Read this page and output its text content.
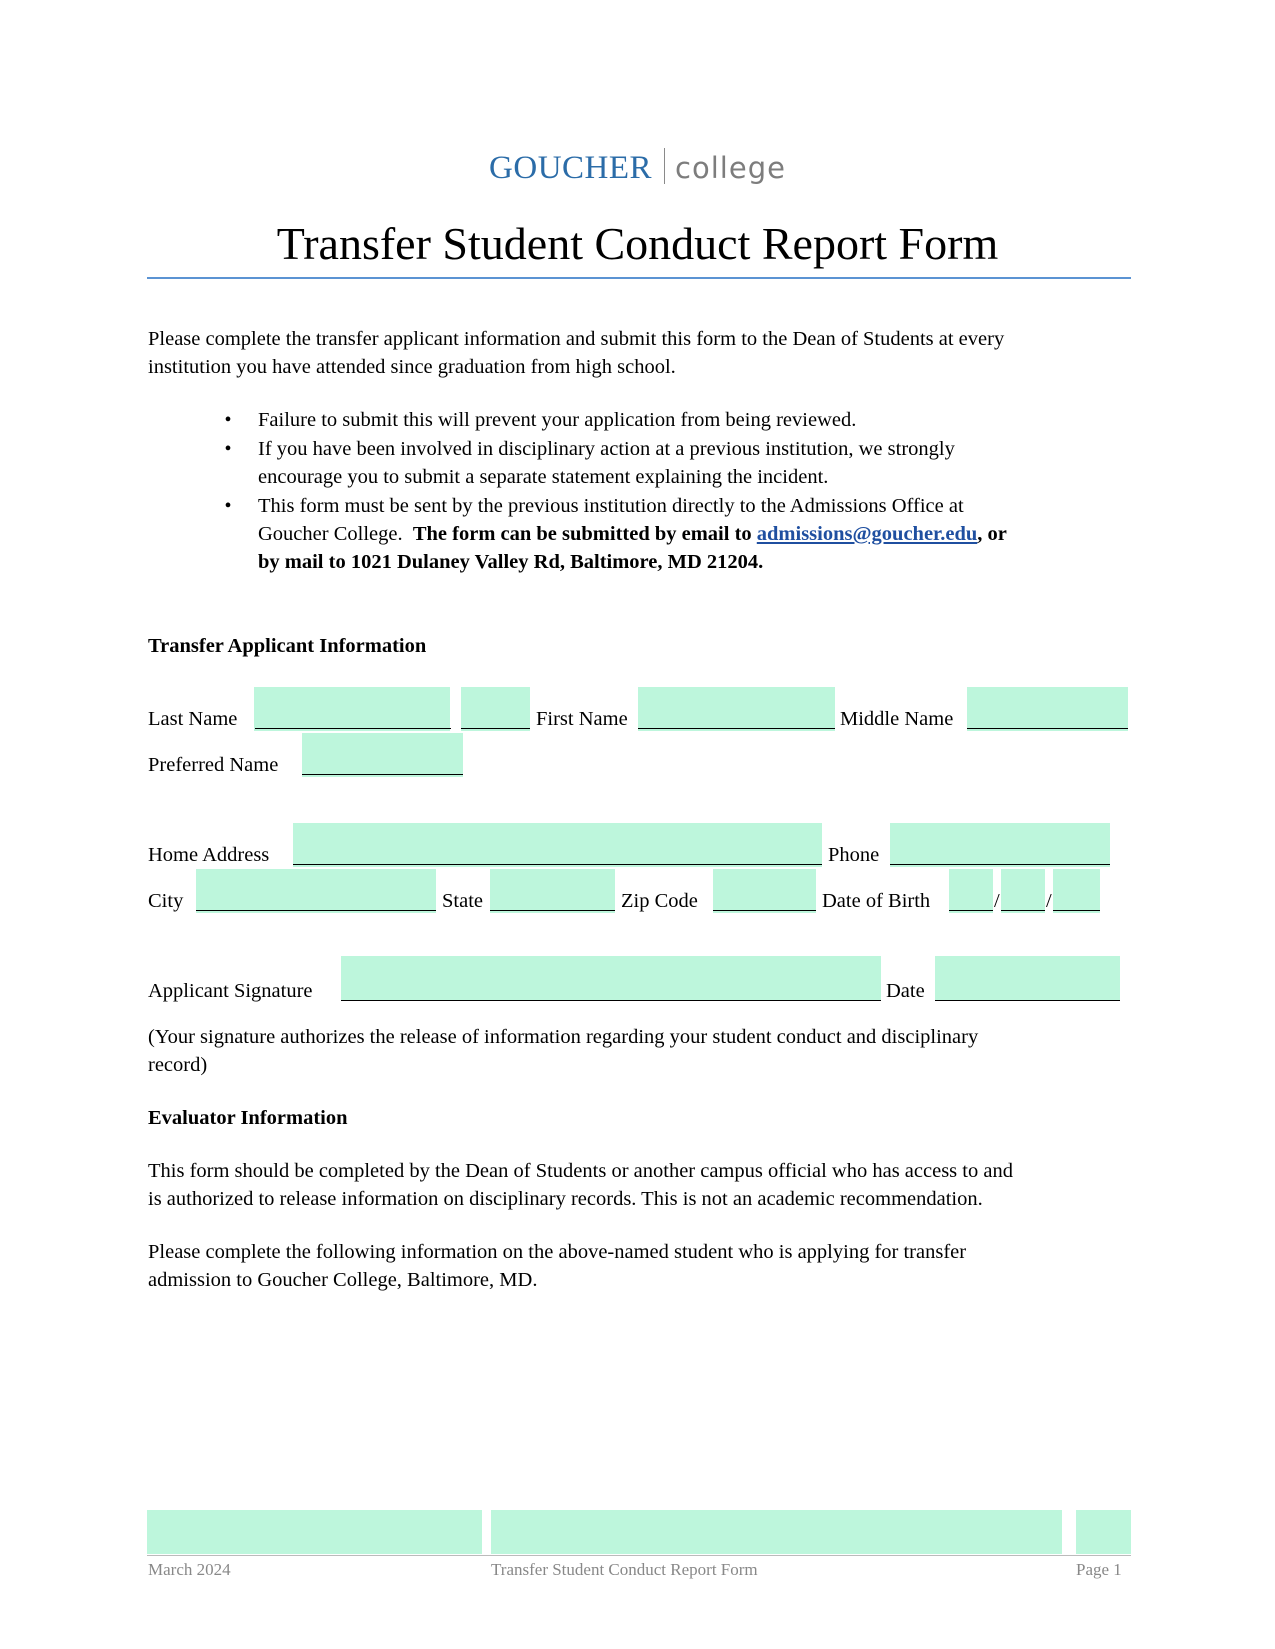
GOUCHER college
Transfer Student Conduct Report Form
Please complete the transfer applicant information and submit this form to the Dean of Students at every
institution you have attended since graduation from high school.
•	Failure to submit this will prevent your application from being reviewed.
•	If you have been involved in disciplinary action at a previous institution, we strongly
encourage you to submit a separate statement explaining the incident.
•	This form must be sent by the previous institution directly to the Admissions Office at
Goucher College. The form can be submitted by email to admissions@goucher.edu, or
by mail to 1021 Dulaney Valley Rd, Baltimore, MD 21204.
Transfer Applicant Information
Last Name	First Name	Middle Name
Preferred Name
Home Address	Phone
City	State	Zip Code	Date of Birth	/ /
Applicant Signature	Date
(Your signature authorizes the release of information regarding your student conduct and disciplinary
record)
Evaluator Information
This form should be completed by the Dean of Students or another campus official who has access to and
is authorized to release information on disciplinary records. This is not an academic recommendation.
Please complete the following information on the above-named student who is applying for transfer
admission to Goucher College, Baltimore, MD.
March 2024	Transfer Student Conduct Report Form	Page 1
